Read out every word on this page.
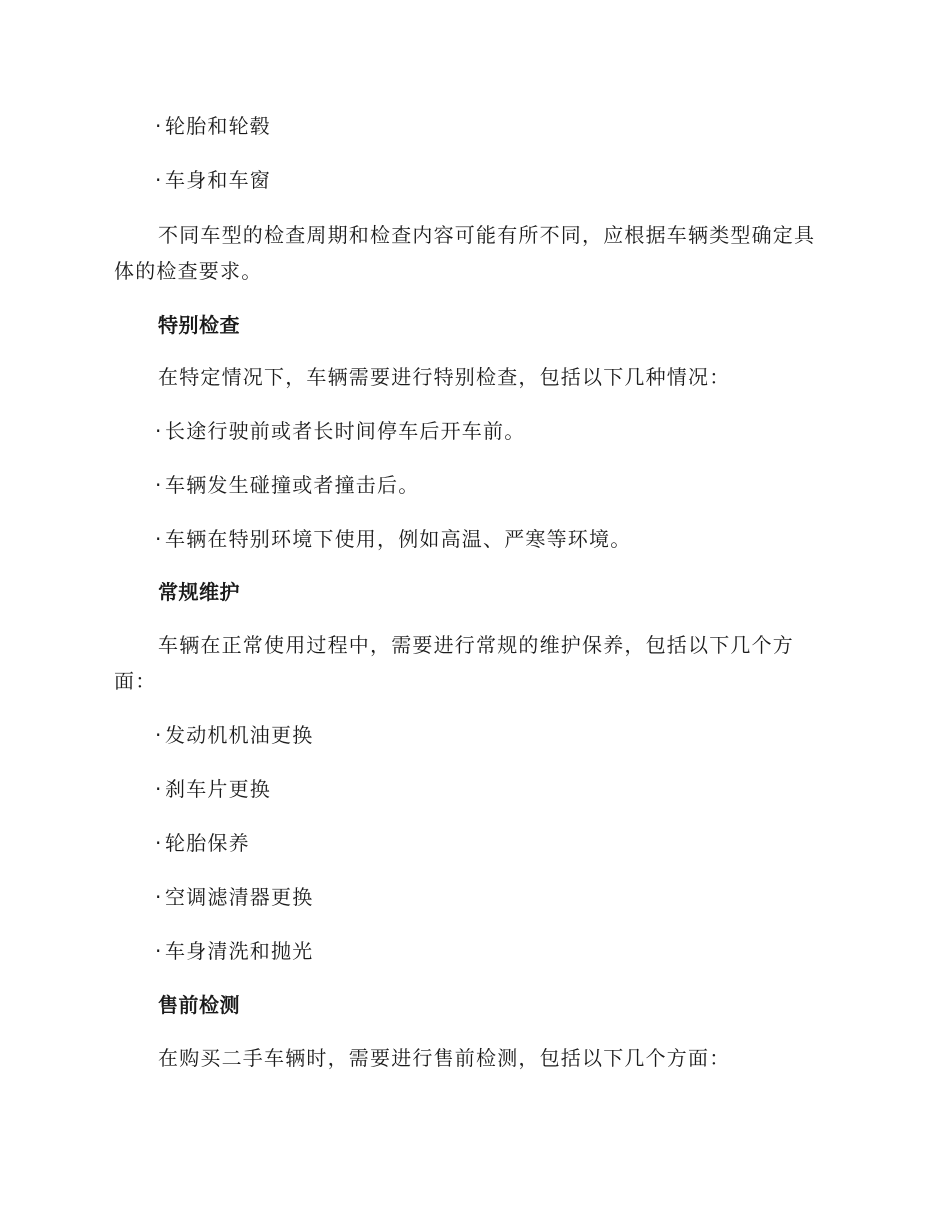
· 轮胎和轮毂
· 车身和车窗
不同车型的检查周期和检查内容可能有所不同，应根据车辆类型确定具
体的检查要求。
特别检查
在特定情况下，车辆需要进行特别检查，包括以下几种情况：
· 长途行驶前或者长时间停车后开车前。
· 车辆发生碰撞或者撞击后。
· 车辆在特别环境下使用，例如高温、严寒等环境。
常规维护
车辆在正常使用过程中，需要进行常规的维护保养，包括以下几个方
面：
· 发动机机油更换
· 刹车片更换
· 轮胎保养
· 空调滤清器更换
· 车身清洗和抛光
售前检测
在购买二手车辆时，需要进行售前检测，包括以下几个方面：
